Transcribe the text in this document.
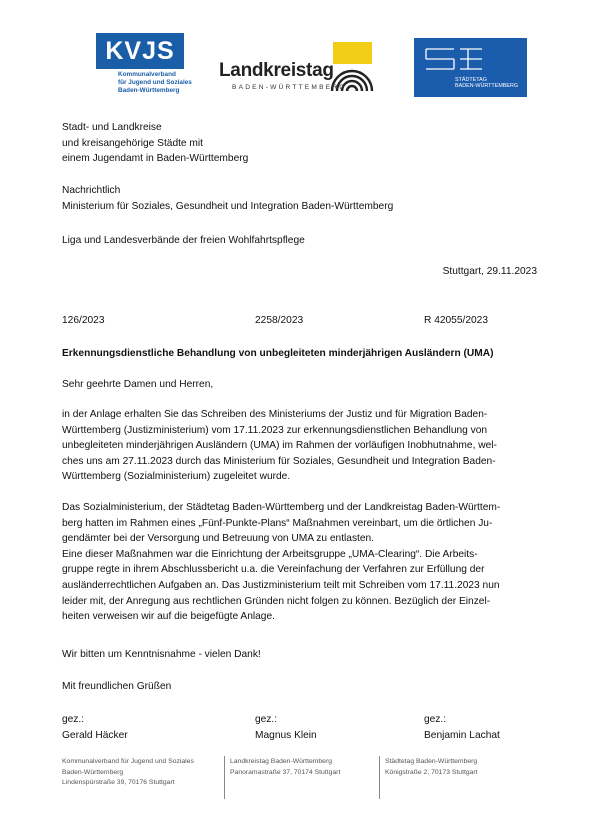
KVJS
Kommunalverband
für Jugend und Soziales
Baden-Württemberg
Landkreistag
BADEN-WÜRTTEMBERG
STÄDTETAG
BADEN-WÜRTTEMBERG
Stadt- und Landkreise
und kreisangehörige Städte mit
einem Jugendamt in Baden-Württemberg
Nachrichtlich
Ministerium für Soziales, Gesundheit und Integration Baden-Württemberg
Liga und Landesverbände der freien Wohlfahrtspflege
Stuttgart, 29.11.2023
126/2023	2258/2023	R 42055/2023
Erkennungsdienstliche Behandlung von unbegleiteten minderjährigen Ausländern (UMA)
Sehr geehrte Damen und Herren,
in der Anlage erhalten Sie das Schreiben des Ministeriums der Justiz und für Migration Baden-
Württemberg (Justizministerium) vom 17.11.2023 zur erkennungsdienstlichen Behandlung von
unbegleiteten minderjährigen Ausländern (UMA) im Rahmen der vorläufigen Inobhutnahme, wel-
ches uns am 27.11.2023 durch das Ministerium für Soziales, Gesundheit und Integration Baden-
Württemberg (Sozialministerium) zugeleitet wurde.
Das Sozialministerium, der Städtetag Baden-Württemberg und der Landkreistag Baden-Württem-
berg hatten im Rahmen eines „Fünf-Punkte-Plans“ Maßnahmen vereinbart, um die örtlichen Ju-
gendämter bei der Versorgung und Betreuung von UMA zu entlasten.
Eine dieser Maßnahmen war die Einrichtung der Arbeitsgruppe „UMA-Clearing“. Die Arbeits-
gruppe regte in ihrem Abschlussbericht u.a. die Vereinfachung der Verfahren zur Erfüllung der
ausländerrechtlichen Aufgaben an. Das Justizministerium teilt mit Schreiben vom 17.11.2023 nun
leider mit, der Anregung aus rechtlichen Gründen nicht folgen zu können. Bezüglich der Einzel-
heiten verweisen wir auf die beigefügte Anlage.
Wir bitten um Kenntnisnahme - vielen Dank!
Mit freundlichen Grüßen
gez.:
Gerald Häcker
gez.:
Magnus Klein
gez.:
Benjamin Lachat
Kommunalverband für Jugend und Soziales
Baden-Württemberg
Lindenspürstraße 39, 70176 Stuttgart
Landkreistag Baden-Württemberg
Panoramastraße 37, 70174 Stuttgart
Städtetag Baden-Württemberg
Königstraße 2, 70173 Stuttgart
